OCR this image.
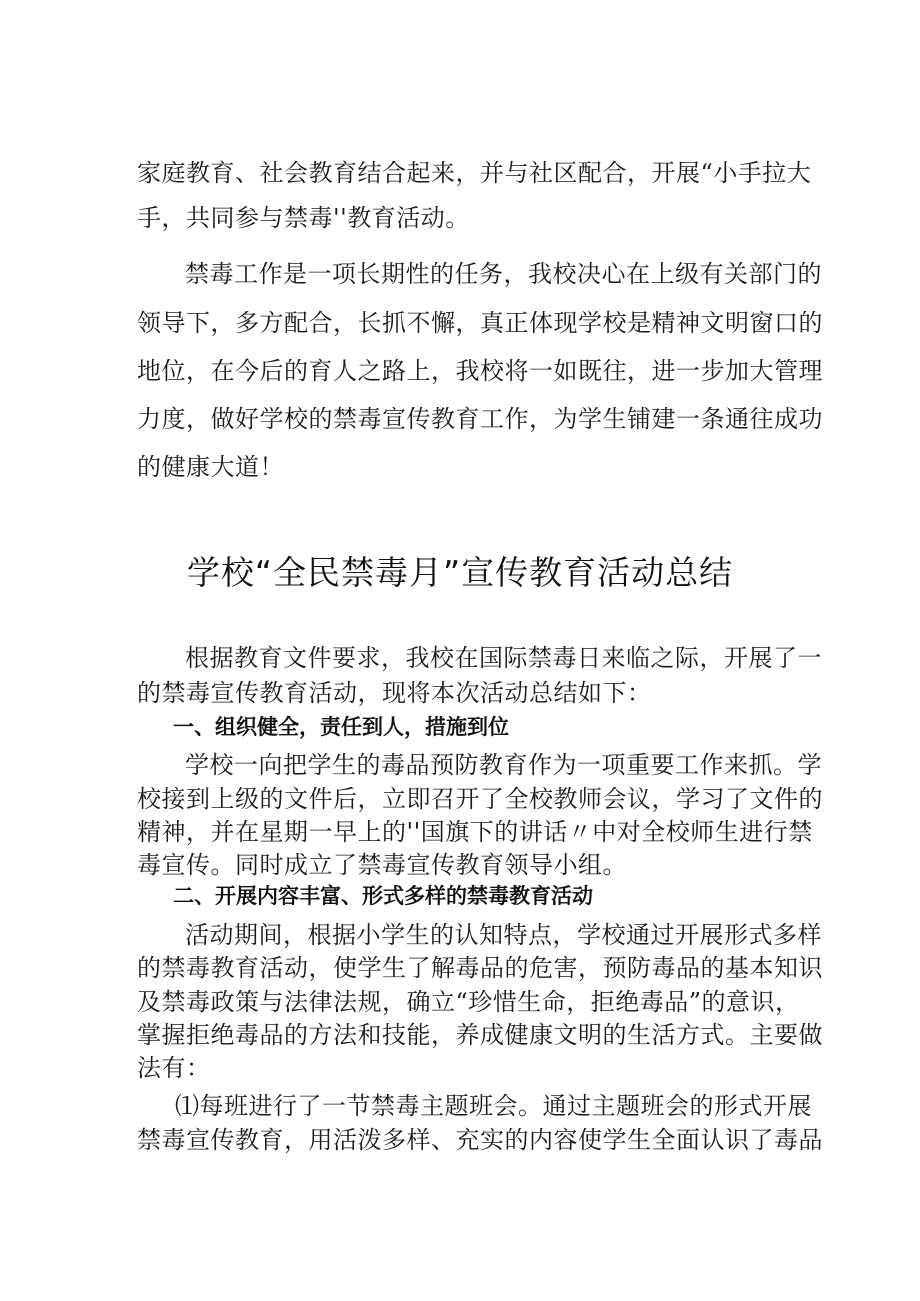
家庭教育、社会教育结合起来，并与社区配合，开展“小手拉大
手，共同参与禁毒''教育活动。
禁毒工作是一项长期性的任务，我校决心在上级有关部门的
领导下，多方配合，长抓不懈，真正体现学校是精神文明窗口的
地位，在今后的育人之路上，我校将一如既往，进一步加大管理
力度，做好学校的禁毒宣传教育工作，为学生铺建一条通往成功
的健康大道！
学校“全民禁毒月”宣传教育活动总结
根据教育文件要求，我校在国际禁毒日来临之际，开展了一
的禁毒宣传教育活动，现将本次活动总结如下：
一、组织健全，责任到人，措施到位
学校一向把学生的毒品预防教育作为一项重要工作来抓。学
校接到上级的文件后，立即召开了全校教师会议，学习了文件的
精神，并在星期一早上的''国旗下的讲话〃中对全校师生进行禁
毒宣传。同时成立了禁毒宣传教育领导小组。
二、开展内容丰富、形式多样的禁毒教育活动
活动期间，根据小学生的认知特点，学校通过开展形式多样
的禁毒教育活动，使学生了解毒品的危害，预防毒品的基本知识
及禁毒政策与法律法规，确立“珍惜生命，拒绝毒品”的意识，
掌握拒绝毒品的方法和技能，养成健康文明的生活方式。主要做
法有：
⑴每班进行了一节禁毒主题班会。通过主题班会的形式开展
禁毒宣传教育，用活泼多样、充实的内容使学生全面认识了毒品
